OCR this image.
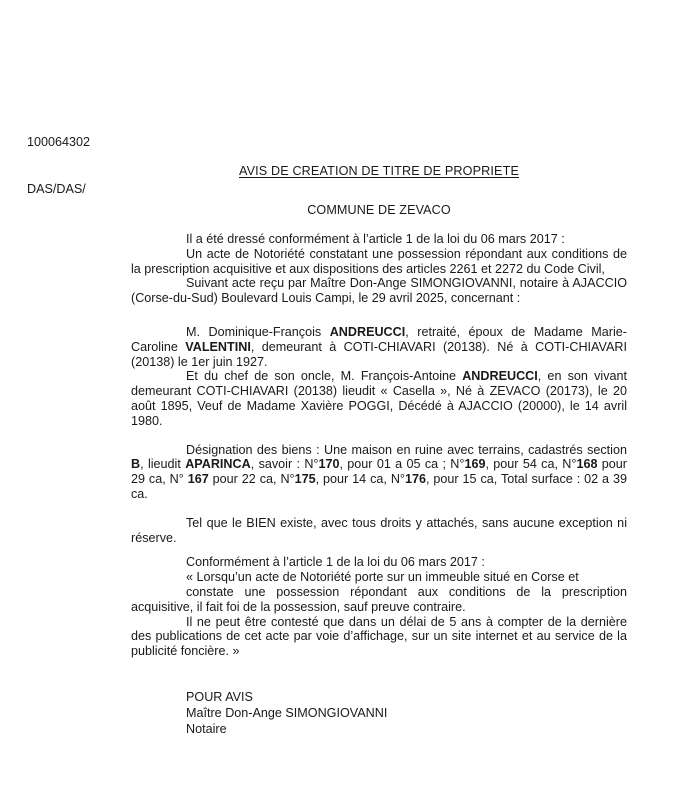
100064302

DAS/DAS/

AVIS DE CREATION DE TITRE DE PROPRIETE
COMMUNE DE ZEVACO

Il a été dressé conformément à l’article 1 de la loi du 06 mars 2017 :

Un acte de Notoriété constatant une possession répondant aux conditions de la prescription acquisitive et aux dispositions des articles 2261 et 2272 du Code Civil,

Suivant acte reçu par Maître Don-Ange SIMONGIOVANNI, notaire à AJACCIO (Corse-du-Sud) Boulevard Louis Campi, le 29 avril 2025, concernant :

M. Dominique-François ANDREUCCI, retraité, époux de Madame Marie-Caroline VALENTINI, demeurant à COTI-CHIAVARI (20138). Né à COTI-CHIAVARI (20138) le 1er juin 1927.

Et du chef de son oncle, M. François-Antoine ANDREUCCI, en son vivant demeurant COTI-CHIAVARI (20138) lieudit « Casella », Né à ZEVACO (20173), le 20 août 1895, Veuf de Madame Xavière POGGI, Décédé à AJACCIO (20000), le 14 avril 1980.

Désignation des biens : Une maison en ruine avec terrains, cadastrés section B, lieudit APARINCA, savoir : N°170, pour 01 a 05 ca ; N°169, pour 54 ca, N°168 pour 29 ca, N° 167 pour 22 ca, N°175, pour 14 ca, N°176, pour 15 ca, Total surface : 02 a 39 ca.

Tel que le BIEN existe, avec tous droits y attachés, sans aucune exception ni réserve.

Conformément à l’article 1 de la loi du 06 mars 2017 :

« Lorsqu’un acte de Notoriété porte sur un immeuble situé en Corse et

constate une possession répondant aux conditions de la prescription acquisitive, il fait foi de la possession, sauf preuve contraire.

Il ne peut être contesté que dans un délai de 5 ans à compter de la dernière des publications de cet acte par voie d’affichage, sur un site internet et au service de la publicité foncière. »

POUR AVIS
Maître Don-Ange SIMONGIOVANNI
Notaire
